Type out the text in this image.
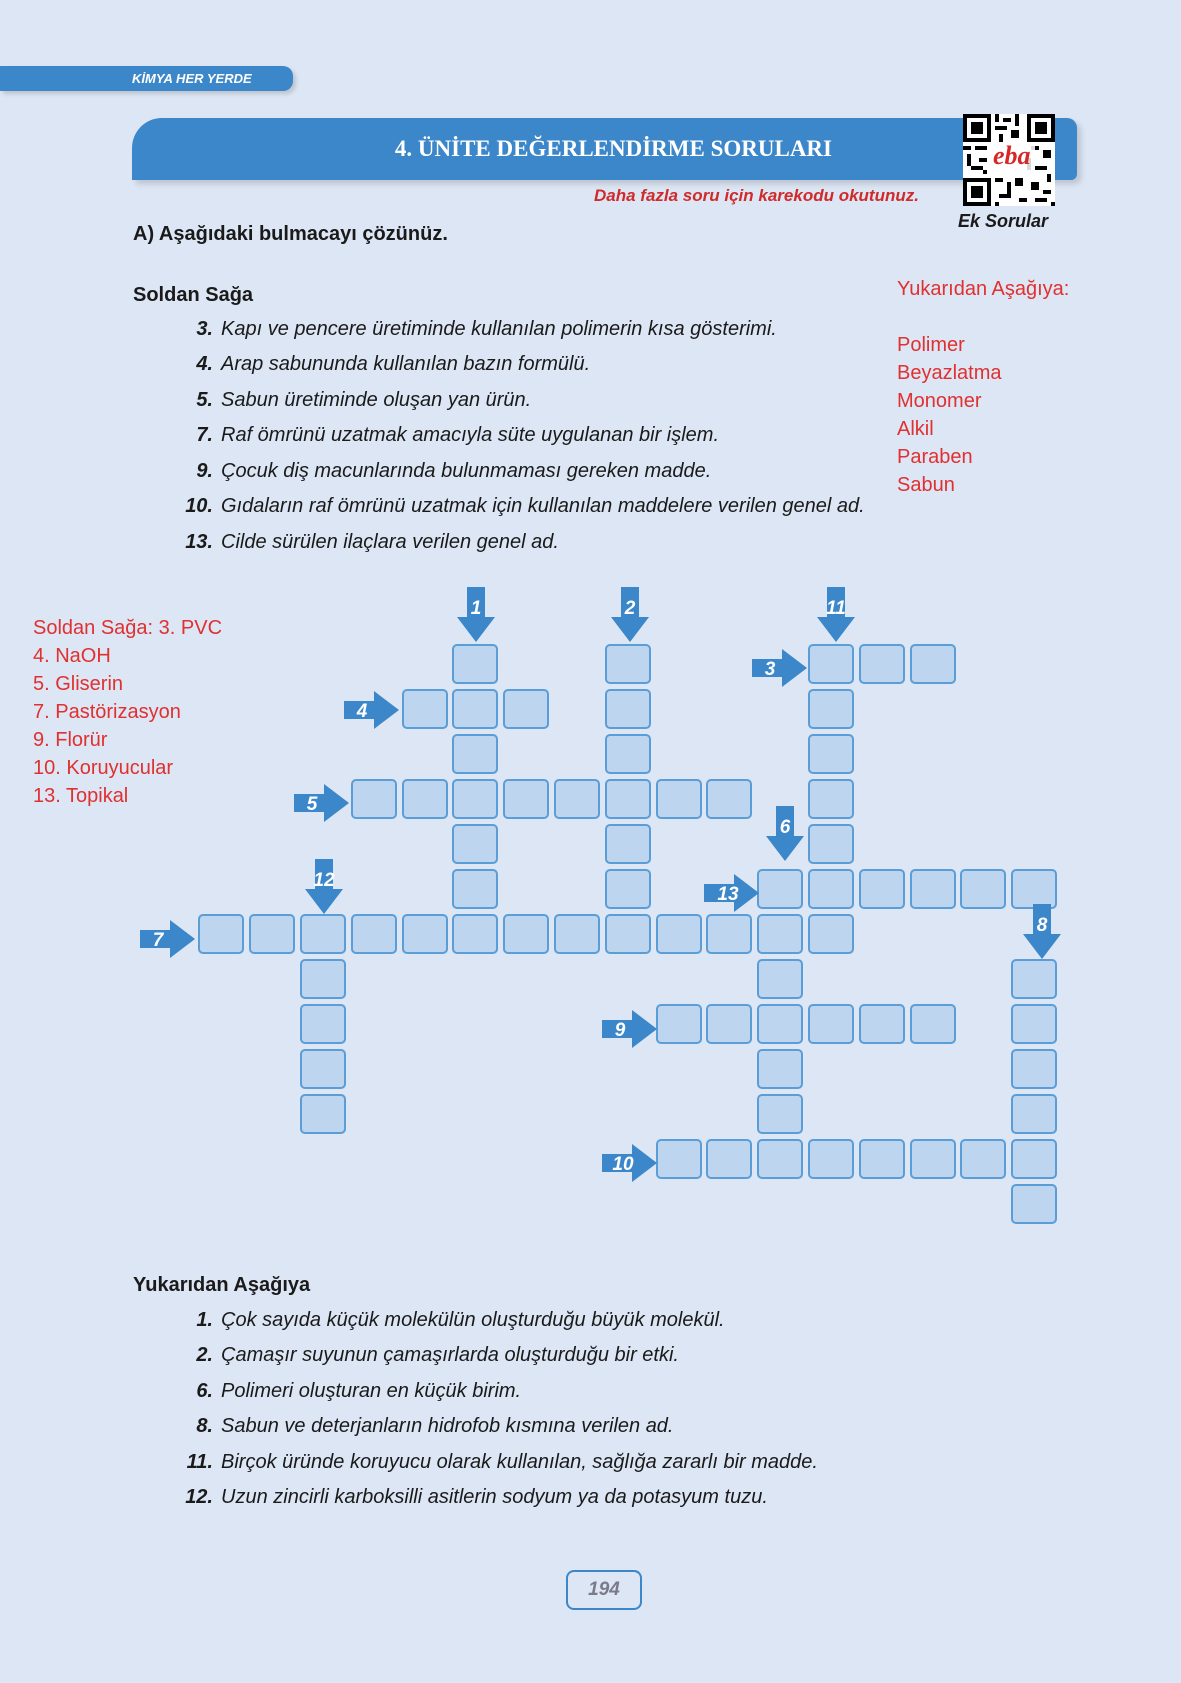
KİMYA HER YERDE
4. ÜNİTE DEĞERLENDİRME SORULARI	eba
Ek Sorular
Daha fazla soru için karekodu okutunuz.
A) Aşağıdaki bulmacayı çözünüz.
Soldan Sağa
3. Kapı ve pencere üretiminde kullanılan polimerin kısa gösterimi.
4. Arap sabununda kullanılan bazın formülü.
5. Sabun üretiminde oluşan yan ürün.
7. Raf ömrünü uzatmak amacıyla süte uygulanan bir işlem.
9. Çocuk diş macunlarında bulunmaması gereken madde.
10. Gıdaların raf ömrünü uzatmak için kullanılan maddelere verilen genel ad.
13. Cilde sürülen ilaçlara verilen genel ad.
Yukarıdan Aşağıya:
Polimer
Beyazlatma
Monomer
Alkil
Paraben
Sabun
Soldan Sağa: 3. PVC
4. NaOH
5. Gliserin
7. Pastörizasyon
9. Florür
10. Koruyucular
13. Topikal
1	2	11
6
12
8
3
4
5
13
7
9
10
Yukarıdan Aşağıya
1. Çok sayıda küçük molekülün oluşturduğu büyük molekül.
2. Çamaşır suyunun çamaşırlarda oluşturduğu bir etki.
6. Polimeri oluşturan en küçük birim.
8. Sabun ve deterjanların hidrofob kısmına verilen ad.
11. Birçok üründe koruyucu olarak kullanılan, sağlığa zararlı bir madde.
12. Uzun zincirli karboksilli asitlerin sodyum ya da potasyum tuzu.
194
